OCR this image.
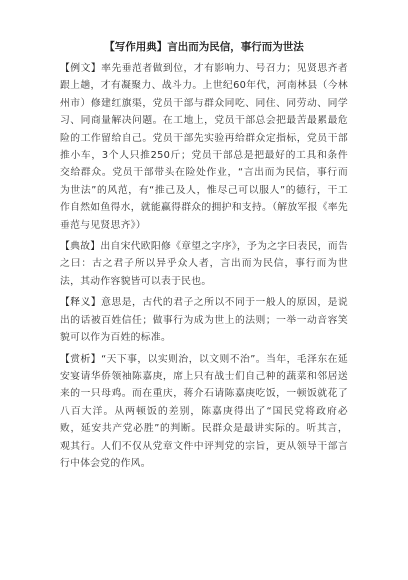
【写作用典】言出而为民信，事行而为世法
【例文】率先垂范者做到位，才有影响力、号召力；见贤思齐者跟上趟，才有凝聚力、战斗力。上世纪60年代，河南林县（今林州市）修建红旗渠，党员干部与群众同吃、同住、同劳动、同学习、同商量解决问题。在工地上，党员干部总会把最苦最累最危险的工作留给自己。党员干部先实验再给群众定指标，党员干部推小车，3个人只推250斤；党员干部总是把最好的工具和条件交给群众。党员干部带头在险处作业，“言出而为民信，事行而为世法”的风范，有“推己及人，惟尽己可以服人”的德行，干工作自然如鱼得水，就能赢得群众的拥护和支持。（解放军报《率先垂范与见贤思齐》）
【典故】出自宋代欧阳修《章望之字序》，予为之字曰表民，而告之曰：古之君子所以异乎众人者，言出而为民信，事行而为世法，其动作容貌皆可以表于民也。
【释义】意思是，古代的君子之所以不同于一般人的原因，是说出的话被百姓信任；做事行为成为世上的法则；一举一动音容笑貌可以作为百姓的标准。
【赏析】“天下事，以实则治，以文则不治”。当年，毛泽东在延安宴请华侨领袖陈嘉庚，席上只有战士们自己种的蔬菜和邻居送来的一只母鸡。而在重庆，蒋介石请陈嘉庚吃饭，一顿饭就花了八百大洋。从两顿饭的差别，陈嘉庚得出了“国民党将政府必败，延安共产党必胜”的判断。民群众是最讲实际的。听其言，观其行。人们不仅从党章文件中评判党的宗旨，更从领导干部言行中体会党的作风。
